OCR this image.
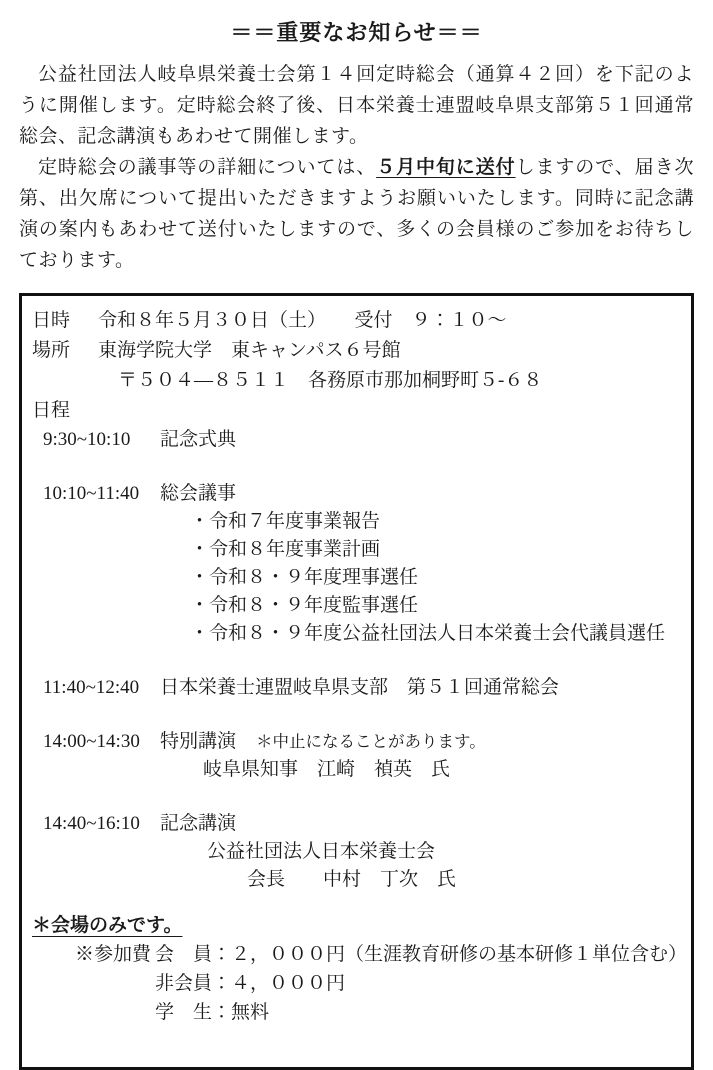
＝＝重要なお知らせ＝＝

公益社団法人岐阜県栄養士会第１４回定時総会（通算４２回）を下記のように開催します。定時総会終了後、日本栄養士連盟岐阜県支部第５１回通常総会、記念講演もあわせて開催します。

定時総会の議事等の詳細については、５月中旬に送付しますので、届き次第、出欠席について提出いただきますようお願いいたします。同時に記念講演の案内もあわせて送付いたしますので、多くの会員様のご参加をお待ちしております。

日時	令和８年５月３０日（土）　　受付　９：１０～
場所	東海学院大学　東キャンパス６号館
〒５０４―８５１１　各務原市那加桐野町５-６８
日程
9:30~10:10	記念式典
10:10~11:40	総会議事
・令和７年度事業報告
・令和８年度事業計画
・令和８・９年度理事選任
・令和８・９年度監事選任
・令和８・９年度公益社団法人日本栄養士会代議員選任
11:40~12:40	日本栄養士連盟岐阜県支部　第５１回通常総会
14:00~14:30	特別講演 ＊中止になることがあります。
岐阜県知事　江崎　禎英　氏
14:40~16:10	記念講演
公益社団法人日本栄養士会
会長　　中村　丁次　氏
＊会場のみです。
※参加費 会　員：２，０００円（生涯教育研修の基本研修１単位含む）
非会員：４，０００円
学　生：無料
